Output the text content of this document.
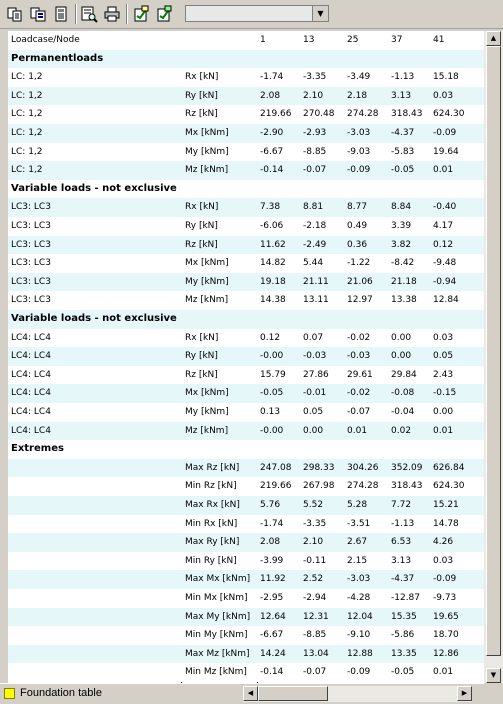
▼
Loadcase/Node	1	13	25	37	41
Permanentloads
LC: 1,2	Rx [kN]	-1.74	-3.35	-3.49	-1.13	15.18
LC: 1,2	Ry [kN]	2.08	2.10	2.18	3.13	0.03
LC: 1,2	Rz [kN]	219.66	270.48	274.28	318.43	624.30
LC: 1,2	Mx [kNm]	-2.90	-2.93	-3.03	-4.37	-0.09
LC: 1,2	My [kNm]	-6.67	-8.85	-9.03	-5.83	19.64
LC: 1,2	Mz [kNm]	-0.14	-0.07	-0.09	-0.05	0.01
Variable loads - not exclusive
LC3: LC3	Rx [kN]	7.38	8.81	8.77	8.84	-0.40
LC3: LC3	Ry [kN]	-6.06	-2.18	0.49	3.39	4.17
LC3: LC3	Rz [kN]	11.62	-2.49	0.36	3.82	0.12
LC3: LC3	Mx [kNm]	14.82	5.44	-1.22	-8.42	-9.48
LC3: LC3	My [kNm]	19.18	21.11	21.06	21.18	-0.94
LC3: LC3	Mz [kNm]	14.38	13.11	12.97	13.38	12.84
Variable loads - not exclusive
LC4: LC4	Rx [kN]	0.12	0.07	-0.02	0.00	0.03
LC4: LC4	Ry [kN]	-0.00	-0.03	-0.03	0.00	0.05
LC4: LC4	Rz [kN]	15.79	27.86	29.61	29.84	2.43
LC4: LC4	Mx [kNm]	-0.05	-0.01	-0.02	-0.08	-0.15
LC4: LC4	My [kNm]	0.13	0.05	-0.07	-0.04	0.00
LC4: LC4	Mz [kNm]	-0.00	0.00	0.01	0.02	0.01
Extremes
Max Rz [kN]	247.08	298.33	304.26	352.09	626.84
Min Rz [kN]	219.66	267.98	274.28	318.43	624.30
Max Rx [kN]	5.76	5.52	5.28	7.72	15.21
Min Rx [kN]	-1.74	-3.35	-3.51	-1.13	14.78
Max Ry [kN]	2.08	2.10	2.67	6.53	4.26
Min Ry [kN]	-3.99	-0.11	2.15	3.13	0.03
Max Mx [kNm]	11.92	2.52	-3.03	-4.37	-0.09
Min Mx [kNm]	-2.95	-2.94	-4.28	-12.87	-9.73
Max My [kNm]	12.64	12.31	12.04	15.35	19.65
Min My [kNm]	-6.67	-8.85	-9.10	-5.86	18.70
Max Mz [kNm]	14.24	13.04	12.88	13.35	12.86
Min Mz [kNm]	-0.14	-0.07	-0.09	-0.05	0.01
▲
▼
Foundation table	◀	▶
